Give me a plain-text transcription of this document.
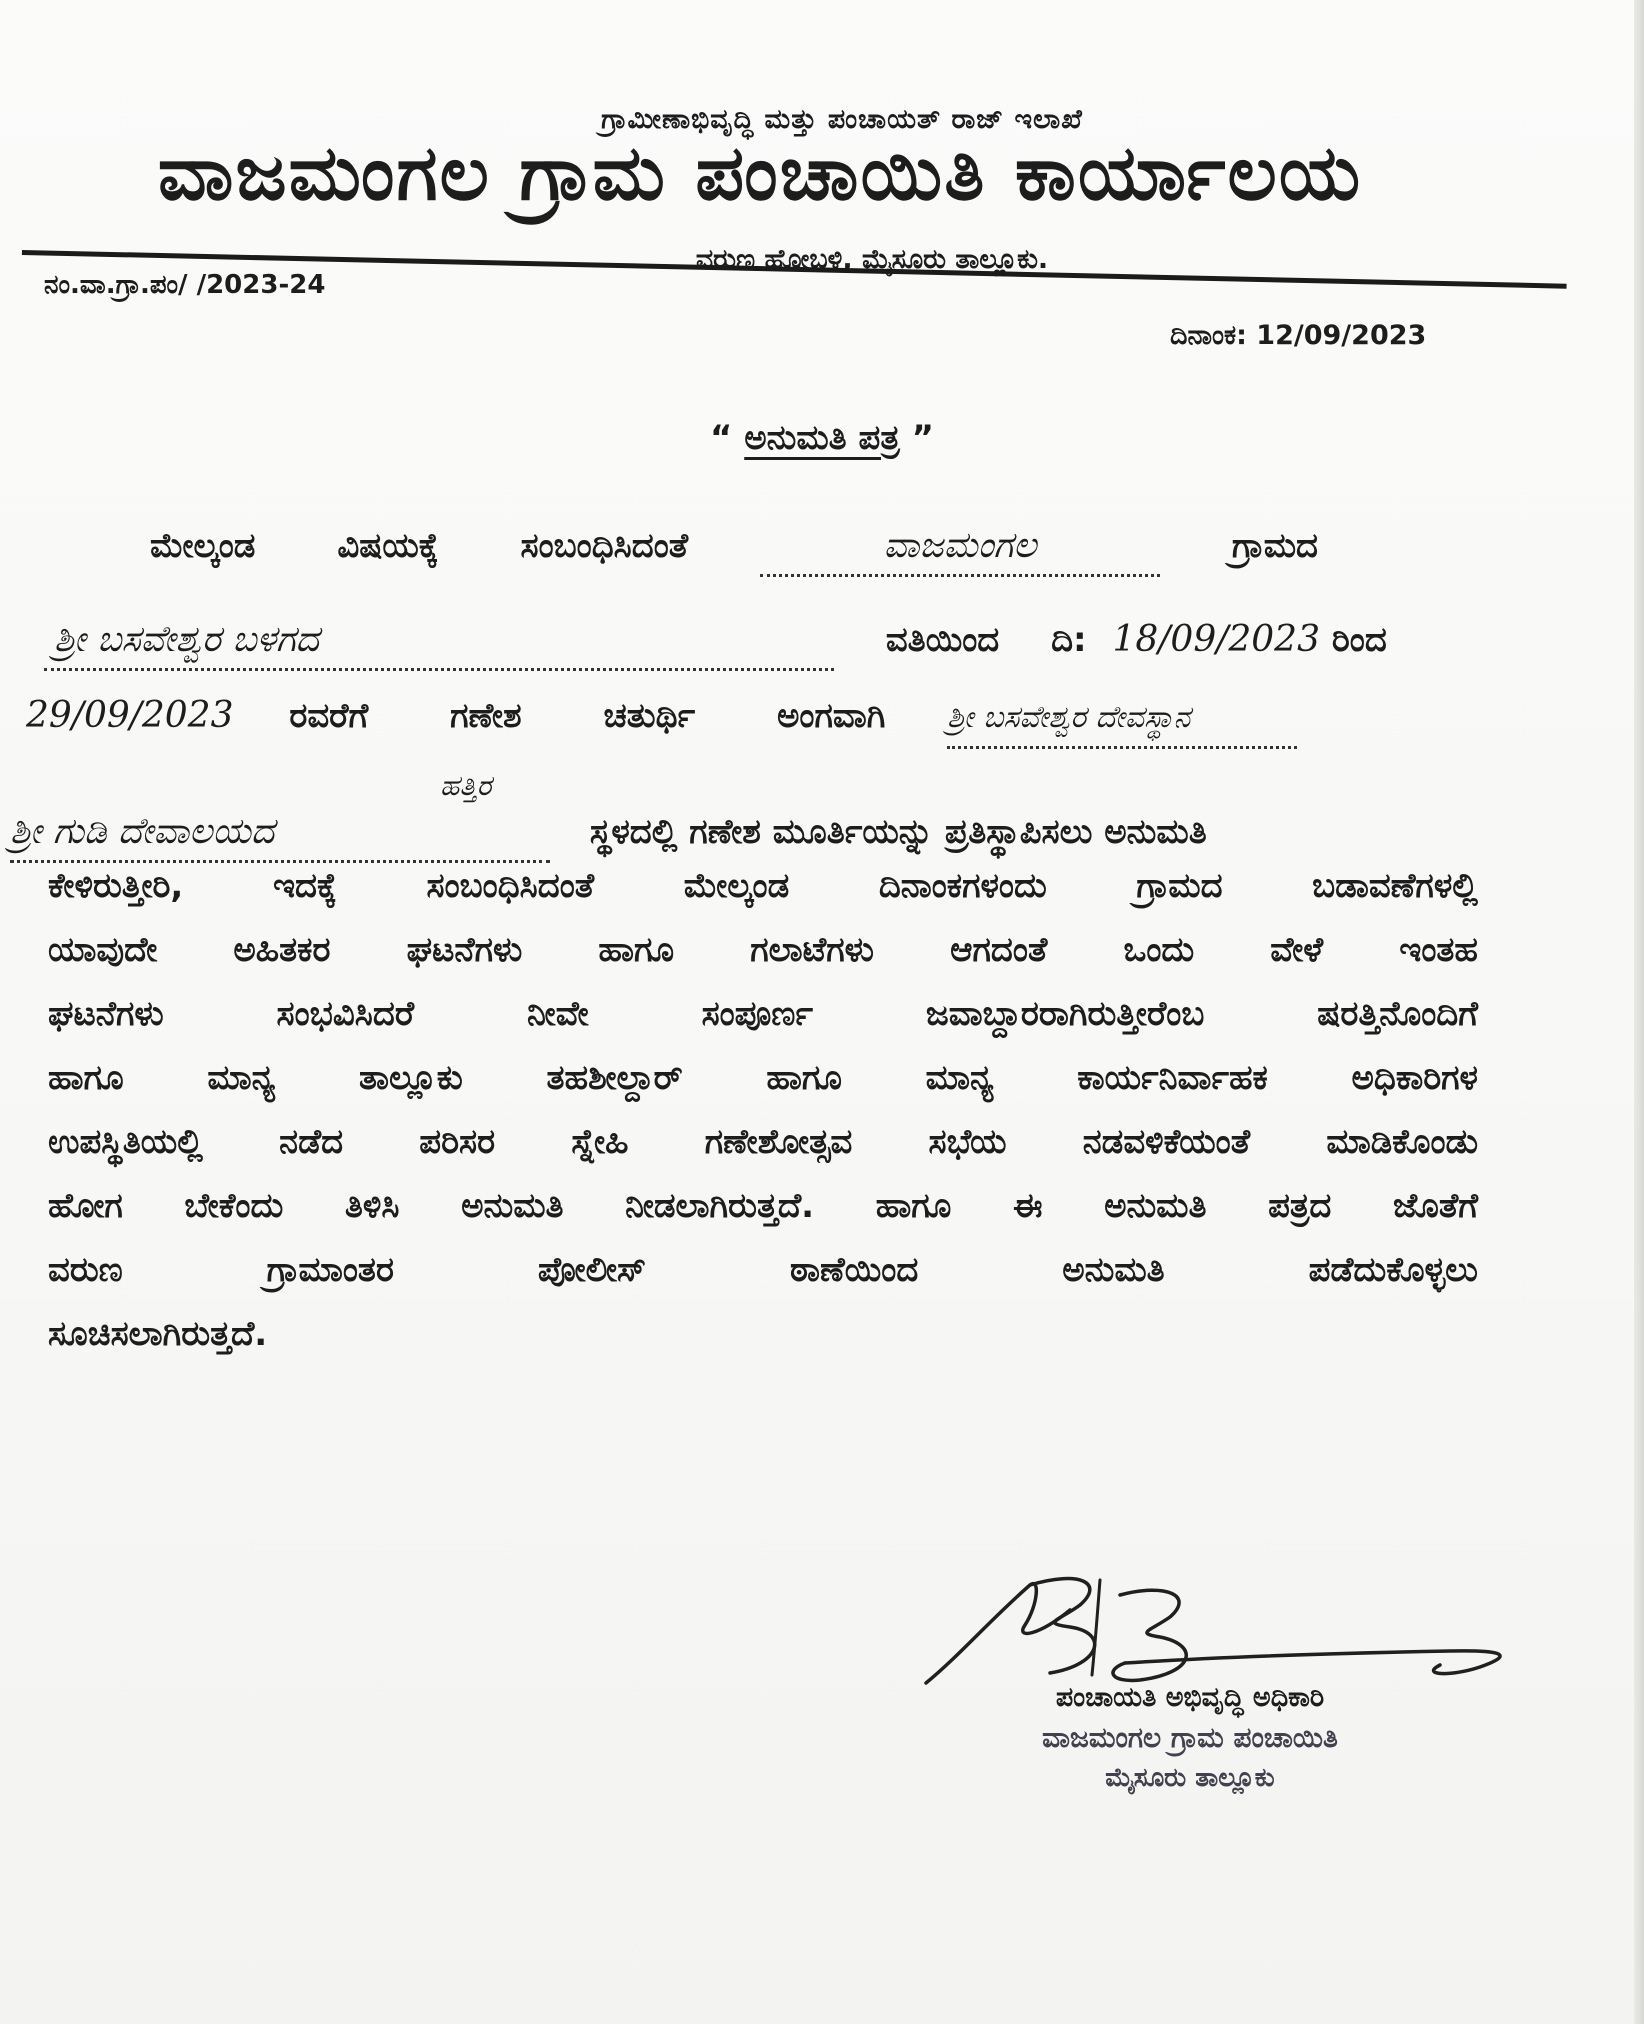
ಗ್ರಾಮೀಣಾಭಿವೃದ್ಧಿ ಮತ್ತು ಪಂಚಾಯತ್ ರಾಜ್ ಇಲಾಖೆ
ವಾಜಮಂಗಲ ಗ್ರಾಮ ಪಂಚಾಯಿತಿ ಕಾರ್ಯಾಲಯ
ವರುಣ ಹೋಬಳಿ, ಮೈಸೂರು ತಾಲ್ಲೂಕು.
ನಂ.ವಾ.ಗ್ರಾ.ಪಂ/ /2023-24
ದಿನಾಂಕ: 12/09/2023
“ ಅನುಮತಿ ಪತ್ರ ”
ಮೇಲ್ಕಂಡ ವಿಷಯಕ್ಕೆ ಸಂಬಂಧಿಸಿದಂತೆ	ವಾಜಮಂಗಲ	ಗ್ರಾಮದ
ಶ್ರೀ ಬಸವೇಶ್ವರ ಬಳಗದ	ವತಿಯಿಂದ ದಿ: 18/09/2023 ರಿಂದ
29/09/2023 ರವರೆಗೆ ಗಣೇಶ ಚತುರ್ಥಿ ಅಂಗವಾಗಿ ಶ್ರೀ ಬಸವೇಶ್ವರ ದೇವಸ್ಥಾನ
ಹತ್ತಿರ
ಶ್ರೀ ಗುಡಿ ದೇವಾಲಯದ	ಸ್ಥಳದಲ್ಲಿ ಗಣೇಶ ಮೂರ್ತಿಯನ್ನು ಪ್ರತಿಸ್ಥಾಪಿಸಲು ಅನುಮತಿ
ಕೇಳಿರುತ್ತೀರಿ, ಇದಕ್ಕೆ ಸಂಬಂಧಿಸಿದಂತೆ ಮೇಲ್ಕಂಡ ದಿನಾಂಕಗಳಂದು ಗ್ರಾಮದ ಬಡಾವಣೆಗಳಲ್ಲಿ
ಯಾವುದೇ ಅಹಿತಕರ ಘಟನೆಗಳು ಹಾಗೂ ಗಲಾಟೆಗಳು ಆಗದಂತೆ ಒಂದು ವೇಳೆ ಇಂತಹ
ಘಟನೆಗಳು ಸಂಭವಿಸಿದರೆ ನೀವೇ ಸಂಪೂರ್ಣ ಜವಾಬ್ದಾರರಾಗಿರುತ್ತೀರೆಂಬ ಷರತ್ತಿನೊಂದಿಗೆ
ಹಾಗೂ ಮಾನ್ಯ ತಾಲ್ಲೂಕು ತಹಶೀಲ್ದಾರ್ ಹಾಗೂ ಮಾನ್ಯ ಕಾರ್ಯನಿರ್ವಾಹಕ ಅಧಿಕಾರಿಗಳ
ಉಪಸ್ಥಿತಿಯಲ್ಲಿ ನಡೆದ ಪರಿಸರ ಸ್ನೇಹಿ ಗಣೇಶೋತ್ಸವ ಸಭೆಯ ನಡವಳಿಕೆಯಂತೆ ಮಾಡಿಕೊಂಡು
ಹೋಗ ಬೇಕೆಂದು ತಿಳಿಸಿ ಅನುಮತಿ ನೀಡಲಾಗಿರುತ್ತದೆ. ಹಾಗೂ ಈ ಅನುಮತಿ ಪತ್ರದ ಜೊತೆಗೆ
ವರುಣ ಗ್ರಾಮಾಂತರ ಪೋಲೀಸ್ ಠಾಣೆಯಿಂದ ಅನುಮತಿ ಪಡೆದುಕೊಳ್ಳಲು
ಸೂಚಿಸಲಾಗಿರುತ್ತದೆ.
ಪಂಚಾಯತಿ ಅಭಿವೃದ್ಧಿ ಅಧಿಕಾರಿ
ವಾಜಮಂಗಲ ಗ್ರಾಮ ಪಂಚಾಯಿತಿ
ಮೈಸೂರು ತಾಲ್ಲೂಕು
